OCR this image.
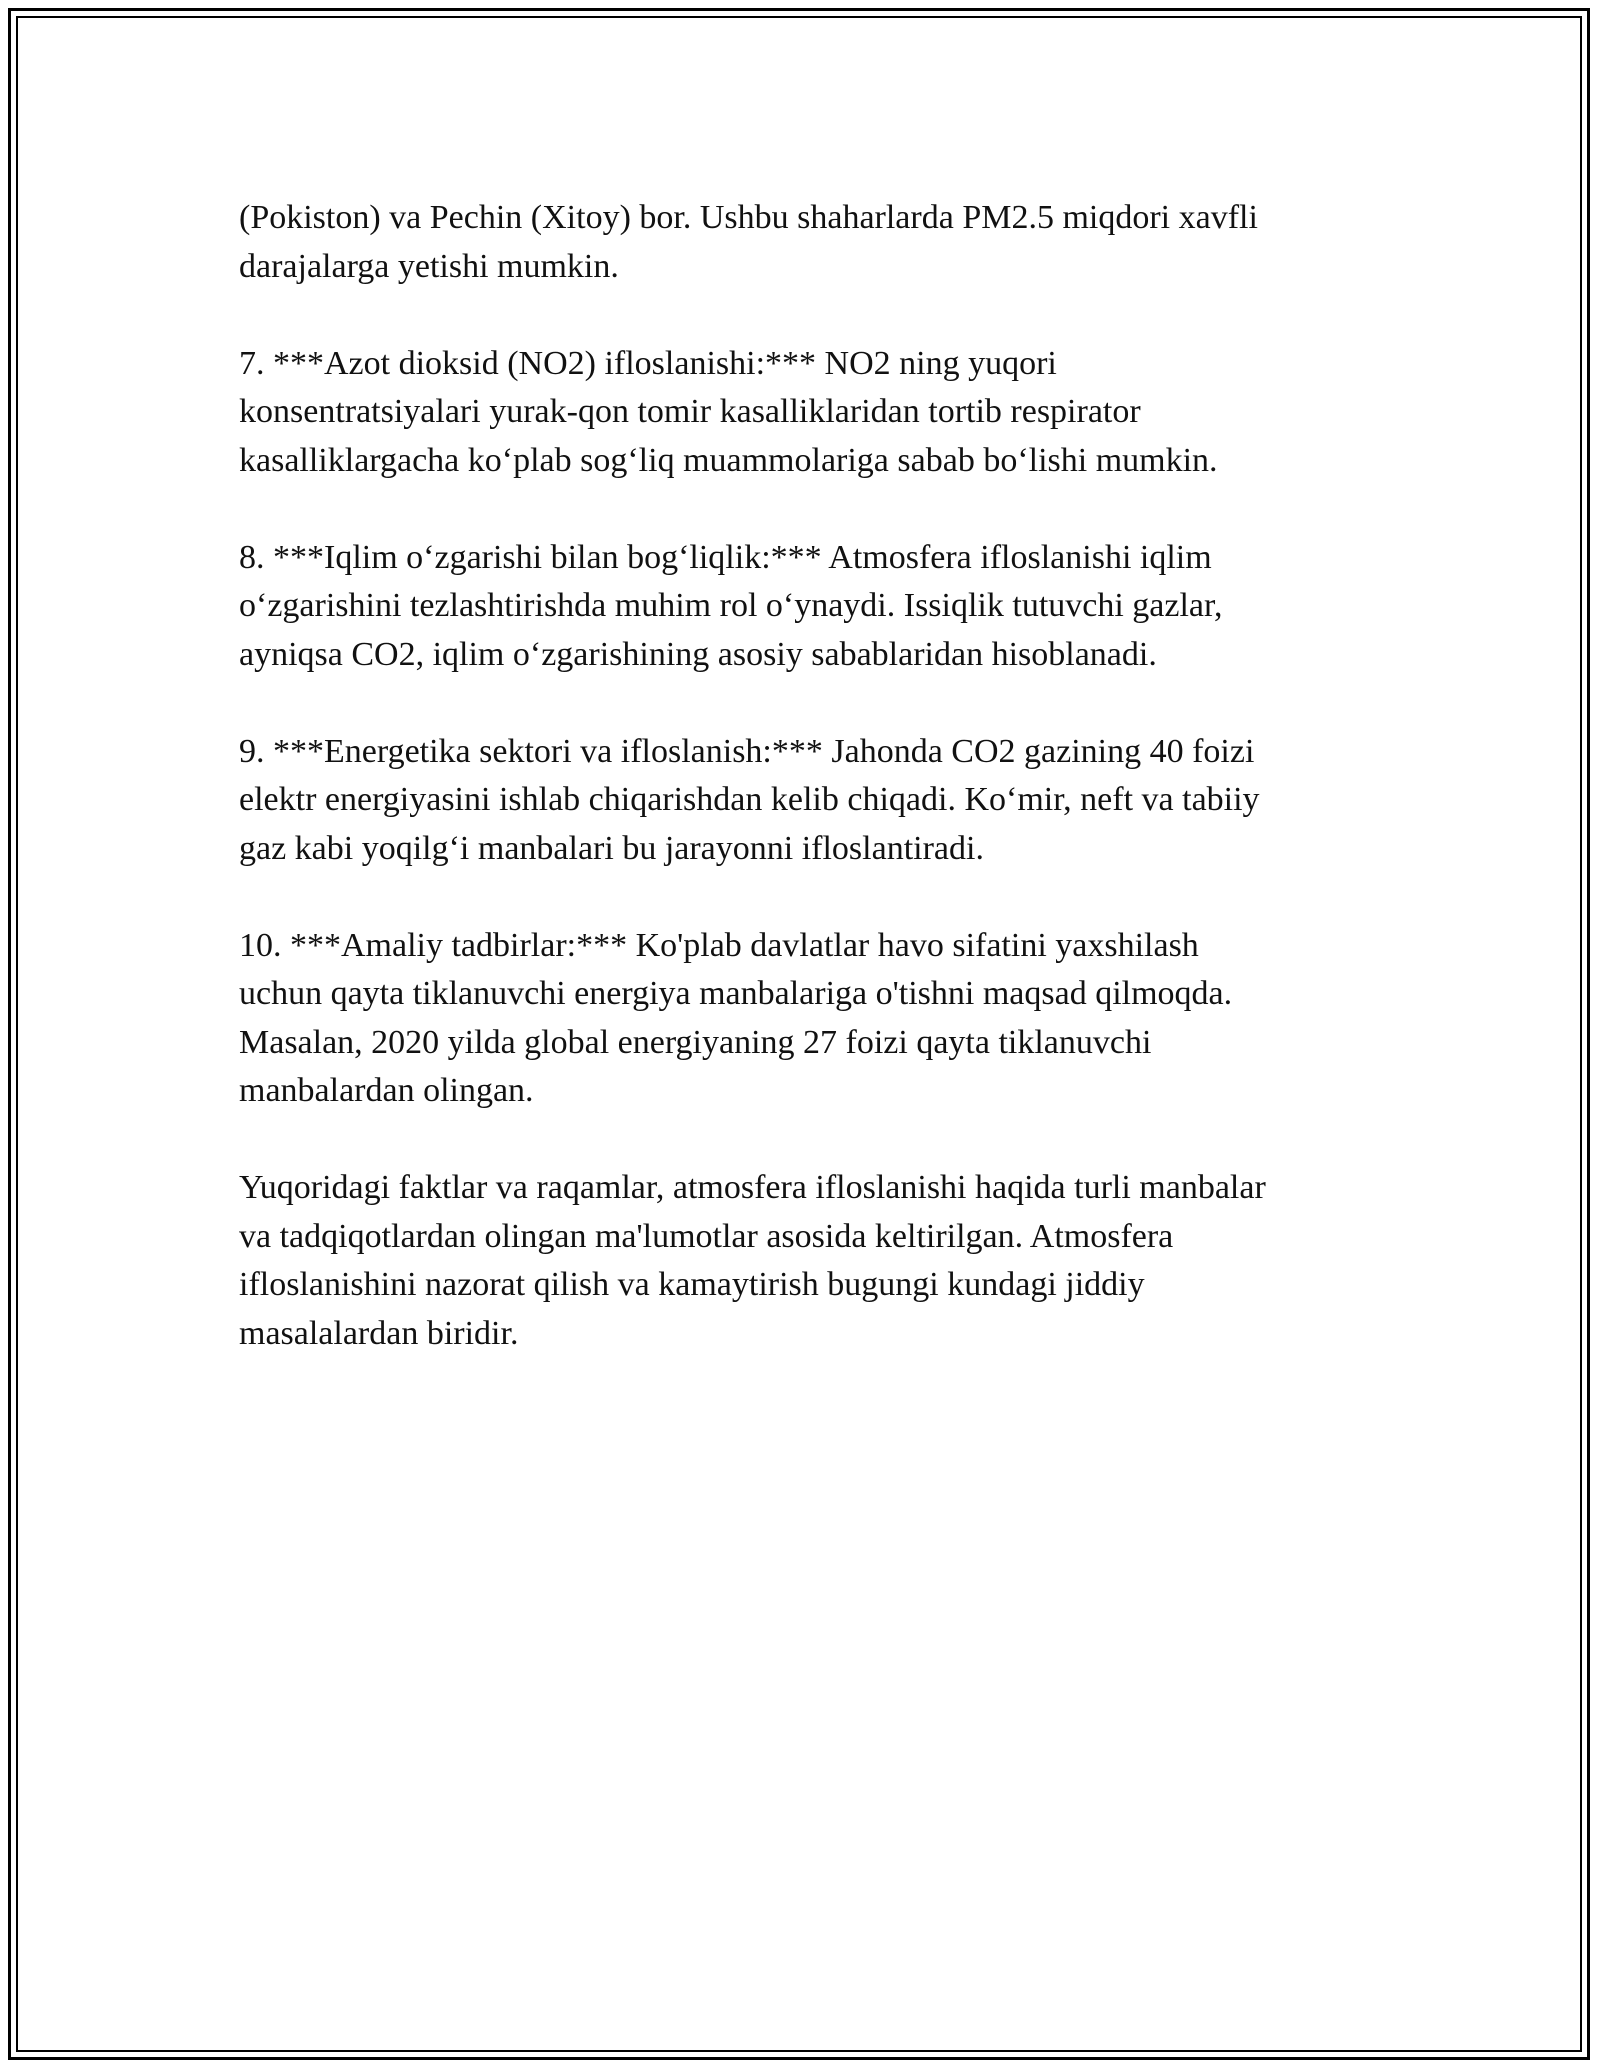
(Pokiston) va Pechin (Xitoy) bor. Ushbu shaharlarda PM2.5 miqdori xavfli
darajalarga yetishi mumkin.

7. ***Azot dioksid (NO2) ifloslanishi:*** NO2 ning yuqori
konsentratsiyalari yurak-qon tomir kasalliklaridan tortib respirator
kasalliklargacha ko‘plab sog‘liq muammolariga sabab bo‘lishi mumkin.

8. ***Iqlim o‘zgarishi bilan bog‘liqlik:*** Atmosfera ifloslanishi iqlim
o‘zgarishini tezlashtirishda muhim rol o‘ynaydi. Issiqlik tutuvchi gazlar,
ayniqsa CO2, iqlim o‘zgarishining asosiy sabablaridan hisoblanadi.

9. ***Energetika sektori va ifloslanish:*** Jahonda CO2 gazining 40 foizi
elektr energiyasini ishlab chiqarishdan kelib chiqadi. Ko‘mir, neft va tabiiy
gaz kabi yoqilg‘i manbalari bu jarayonni ifloslantiradi.

10. ***Amaliy tadbirlar:*** Ko'plab davlatlar havo sifatini yaxshilash
uchun qayta tiklanuvchi energiya manbalariga o'tishni maqsad qilmoqda.
Masalan, 2020 yilda global energiyaning 27 foizi qayta tiklanuvchi
manbalardan olingan.

Yuqoridagi faktlar va raqamlar, atmosfera ifloslanishi haqida turli manbalar
va tadqiqotlardan olingan ma'lumotlar asosida keltirilgan. Atmosfera
ifloslanishini nazorat qilish va kamaytirish bugungi kundagi jiddiy
masalalardan biridir.
